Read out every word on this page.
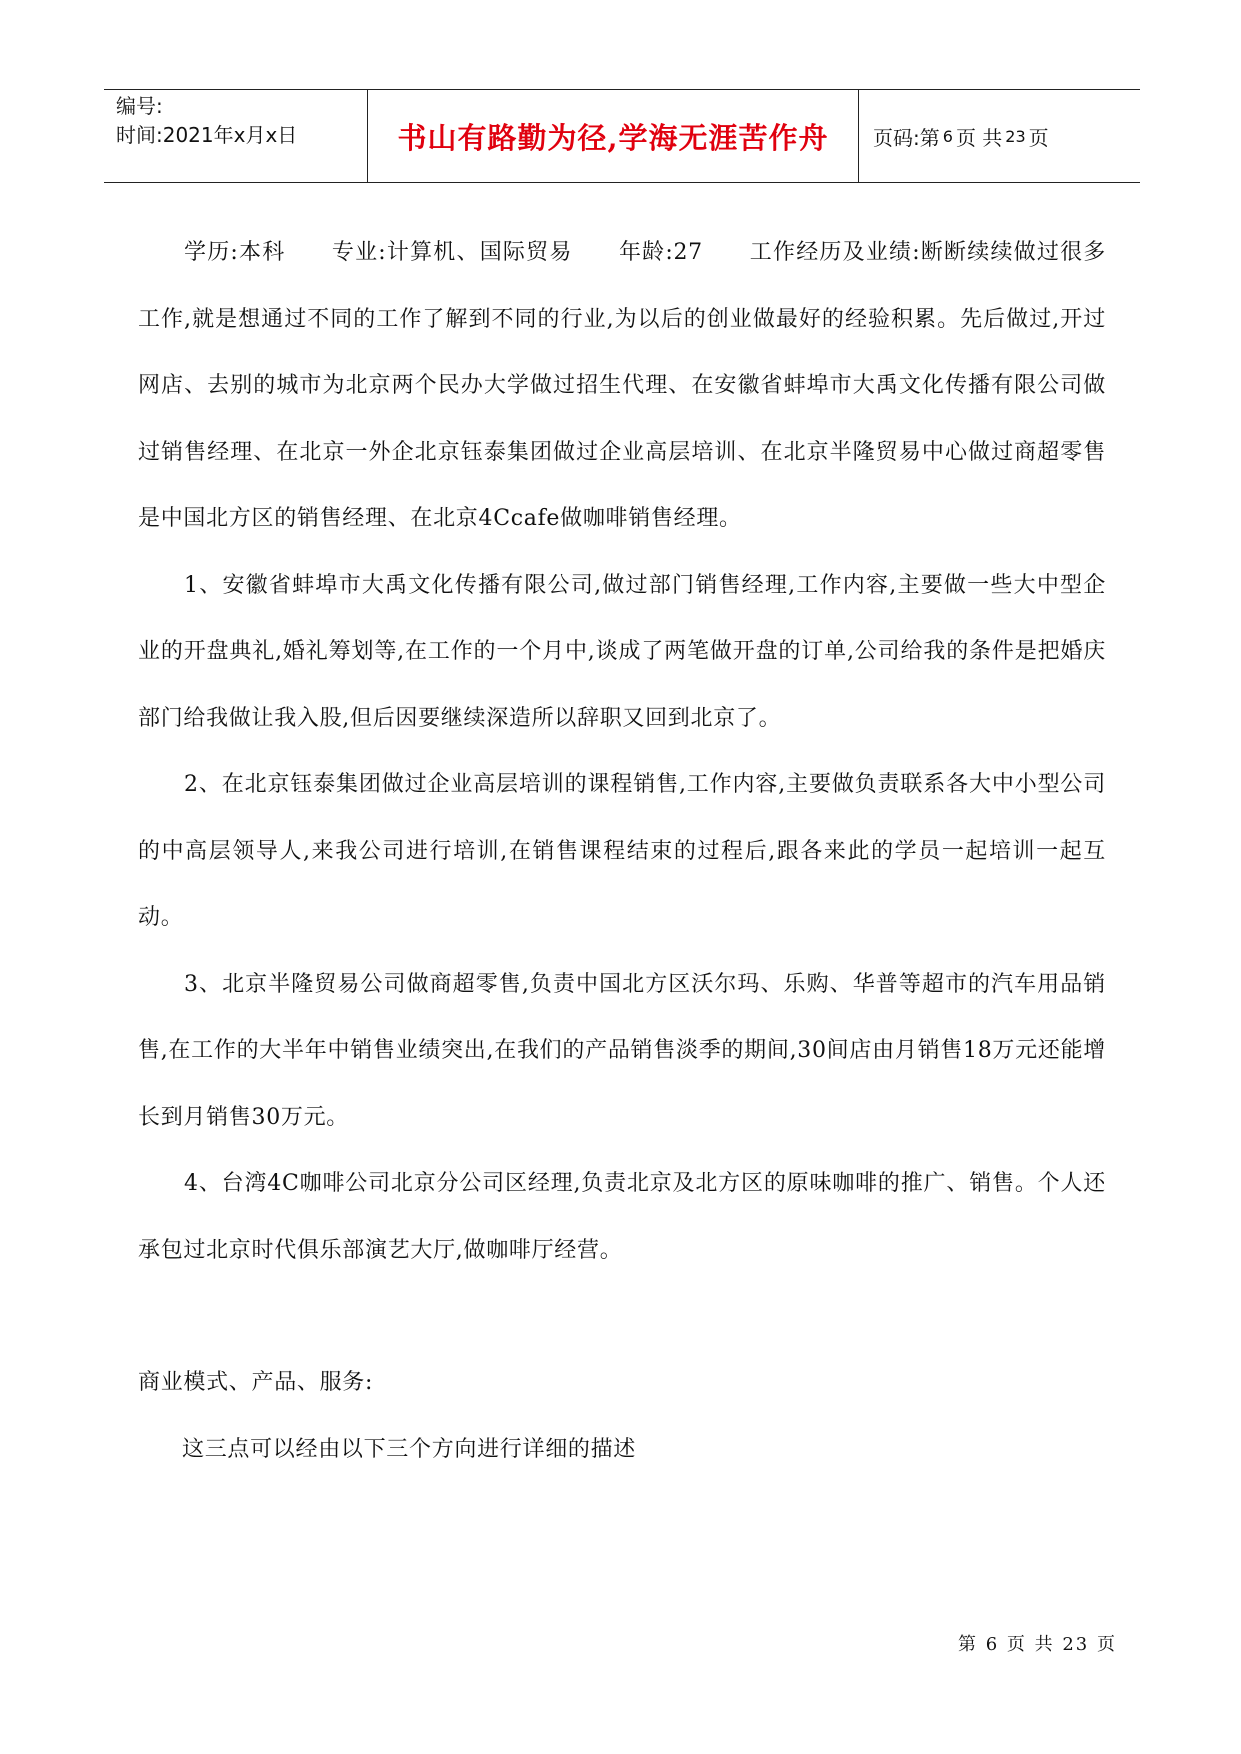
编号:
时间:2021年x月x日	书山有路勤为径,学海无涯苦作舟 页码:第 6 页 共 23 页

学历:本科　　专业:计算机、国际贸易　　年龄:27　　工作经历及业绩:断断续续做过很多工作,就是想通过不同的工作了解到不同的行业,为以后的创业做最好的经验积累。先后做过,开过网店、去别的城市为北京两个民办大学做过招生代理、在安徽省蚌埠市大禹文化传播有限公司做过销售经理、在北京一外企北京钰泰集团做过企业高层培训、在北京半隆贸易中心做过商超零售是中国北方区的销售经理、在北京4Ccafe做咖啡销售经理。

1、安徽省蚌埠市大禹文化传播有限公司,做过部门销售经理,工作内容,主要做一些大中型企业的开盘典礼,婚礼筹划等,在工作的一个月中,谈成了两笔做开盘的订单,公司给我的条件是把婚庆部门给我做让我入股,但后因要继续深造所以辞职又回到北京了。

2、在北京钰泰集团做过企业高层培训的课程销售,工作内容,主要做负责联系各大中小型公司的中高层领导人,来我公司进行培训,在销售课程结束的过程后,跟各来此的学员一起培训一起互动。

3、北京半隆贸易公司做商超零售,负责中国北方区沃尔玛、乐购、华普等超市的汽车用品销售,在工作的大半年中销售业绩突出,在我们的产品销售淡季的期间,30间店由月销售18万元还能增长到月销售30万元。

4、台湾4C咖啡公司北京分公司区经理,负责北京及北方区的原味咖啡的推广、销售。个人还承包过北京时代俱乐部演艺大厅,做咖啡厅经营。

商业模式、产品、服务:

这三点可以经由以下三个方向进行详细的描述

第 6 页 共 23 页
